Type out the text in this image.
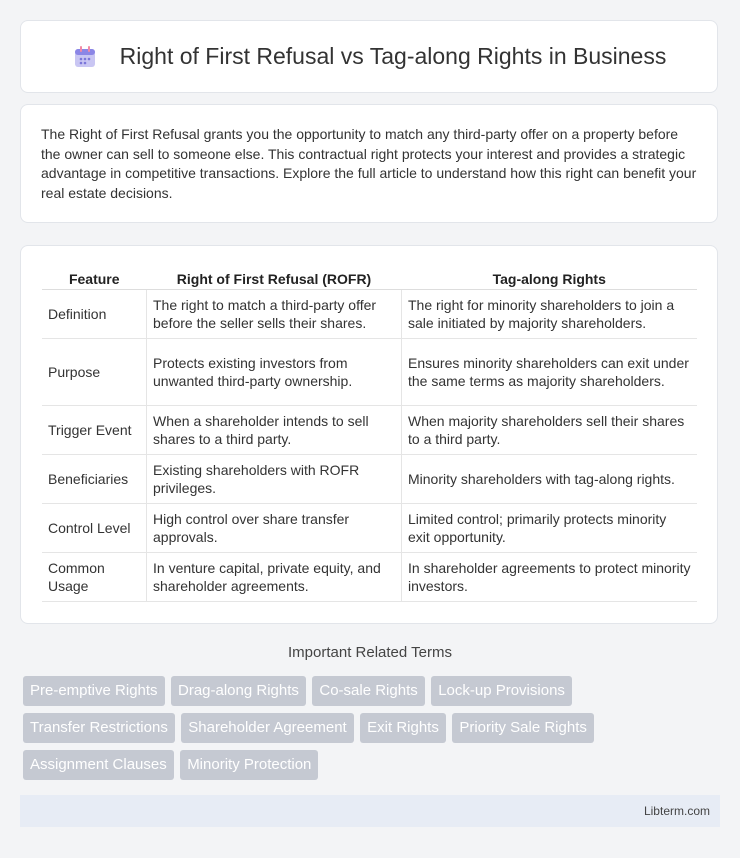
Right of First Refusal vs Tag-along Rights in Business

The Right of First Refusal grants you the opportunity to match any third-party offer on a property before the owner can sell to someone else. This contractual right protects your interest and provides a strategic advantage in competitive transactions. Explore the full article to understand how this right can benefit your real estate decisions.

Feature	Right of First Refusal (ROFR)	Tag-along Rights
Definition	The right to match a third-party offer before the seller sells their shares.	The right for minority shareholders to join a sale initiated by majority shareholders.
Purpose	Protects existing investors from unwanted third-party ownership.	Ensures minority shareholders can exit under the same terms as majority shareholders.
Trigger Event	When a shareholder intends to sell shares to a third party.	When majority shareholders sell their shares to a third party.
Beneficiaries	Existing shareholders with ROFR privileges.	Minority shareholders with tag-along rights.
Control Level	High control over share transfer approvals.	Limited control; primarily protects minority exit opportunity.
Common Usage	In venture capital, private equity, and shareholder agreements.	In shareholder agreements to protect minority investors.
Important Related Terms
Pre-emptive Rights Drag-along Rights Co-sale Rights Lock-up Provisions Transfer Restrictions Shareholder Agreement Exit Rights Priority Sale Rights Assignment Clauses Minority Protection
Libterm.com
